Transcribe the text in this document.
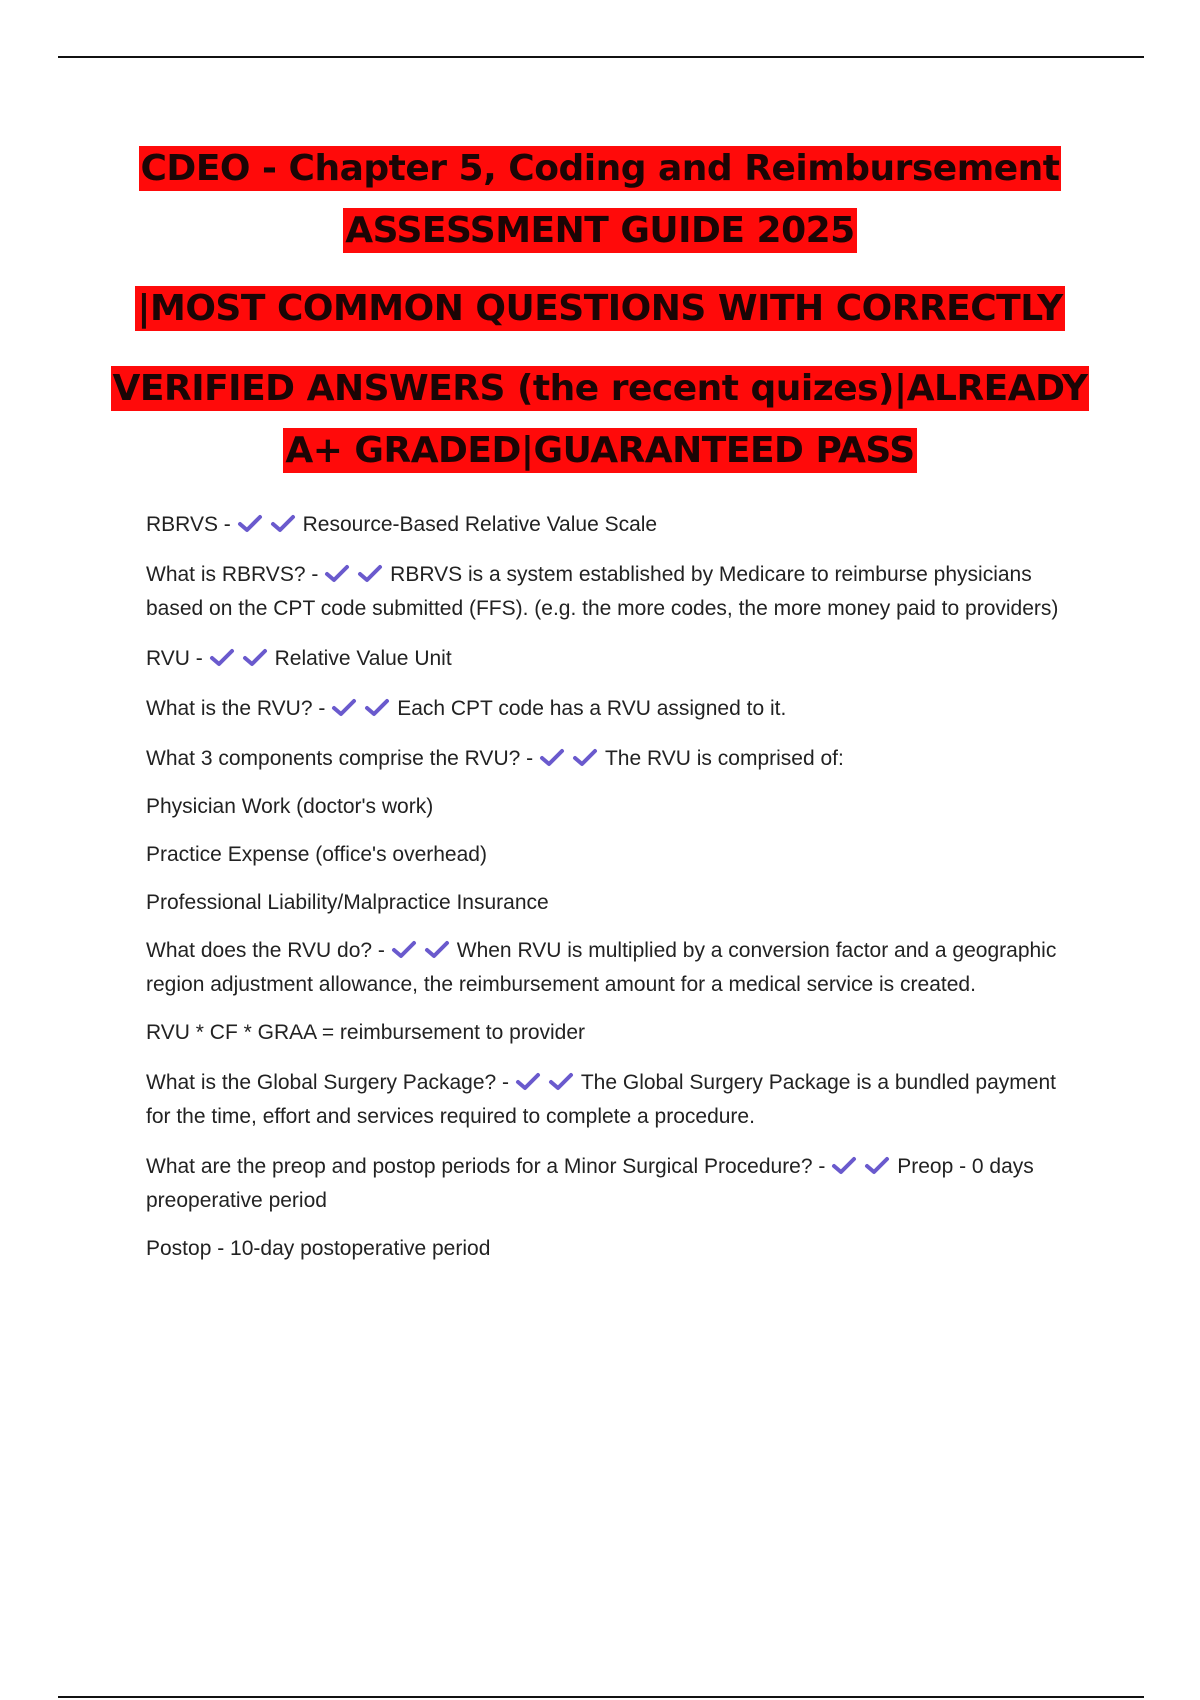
CDEO - Chapter 5, Coding and Reimbursement
ASSESSMENT GUIDE 2025
|MOST COMMON QUESTIONS WITH CORRECTLY
VERIFIED ANSWERS (the recent quizes)|ALREADY
A+ GRADED|GUARANTEED PASS

RBRVS -	Resource-Based Relative Value Scale

What is RBRVS? -	RBRVS is a system established by Medicare to reimburse physicians based on the CPT code submitted (FFS). (e.g. the more codes, the more money paid to providers)

RVU -	Relative Value Unit

What is the RVU? -	Each CPT code has a RVU assigned to it.

What 3 components comprise the RVU? -	The RVU is comprised of:

Physician Work (doctor's work)

Practice Expense (office's overhead)

Professional Liability/Malpractice Insurance

What does the RVU do? -	When RVU is multiplied by a conversion factor and a geographic region adjustment allowance, the reimbursement amount for a medical service is created.

RVU * CF * GRAA = reimbursement to provider

What is the Global Surgery Package? -	The Global Surgery Package is a bundled payment for the time, effort and services required to complete a procedure.

What are the preop and postop periods for a Minor Surgical Procedure? -	Preop - 0 days preoperative period

Postop - 10-day postoperative period
